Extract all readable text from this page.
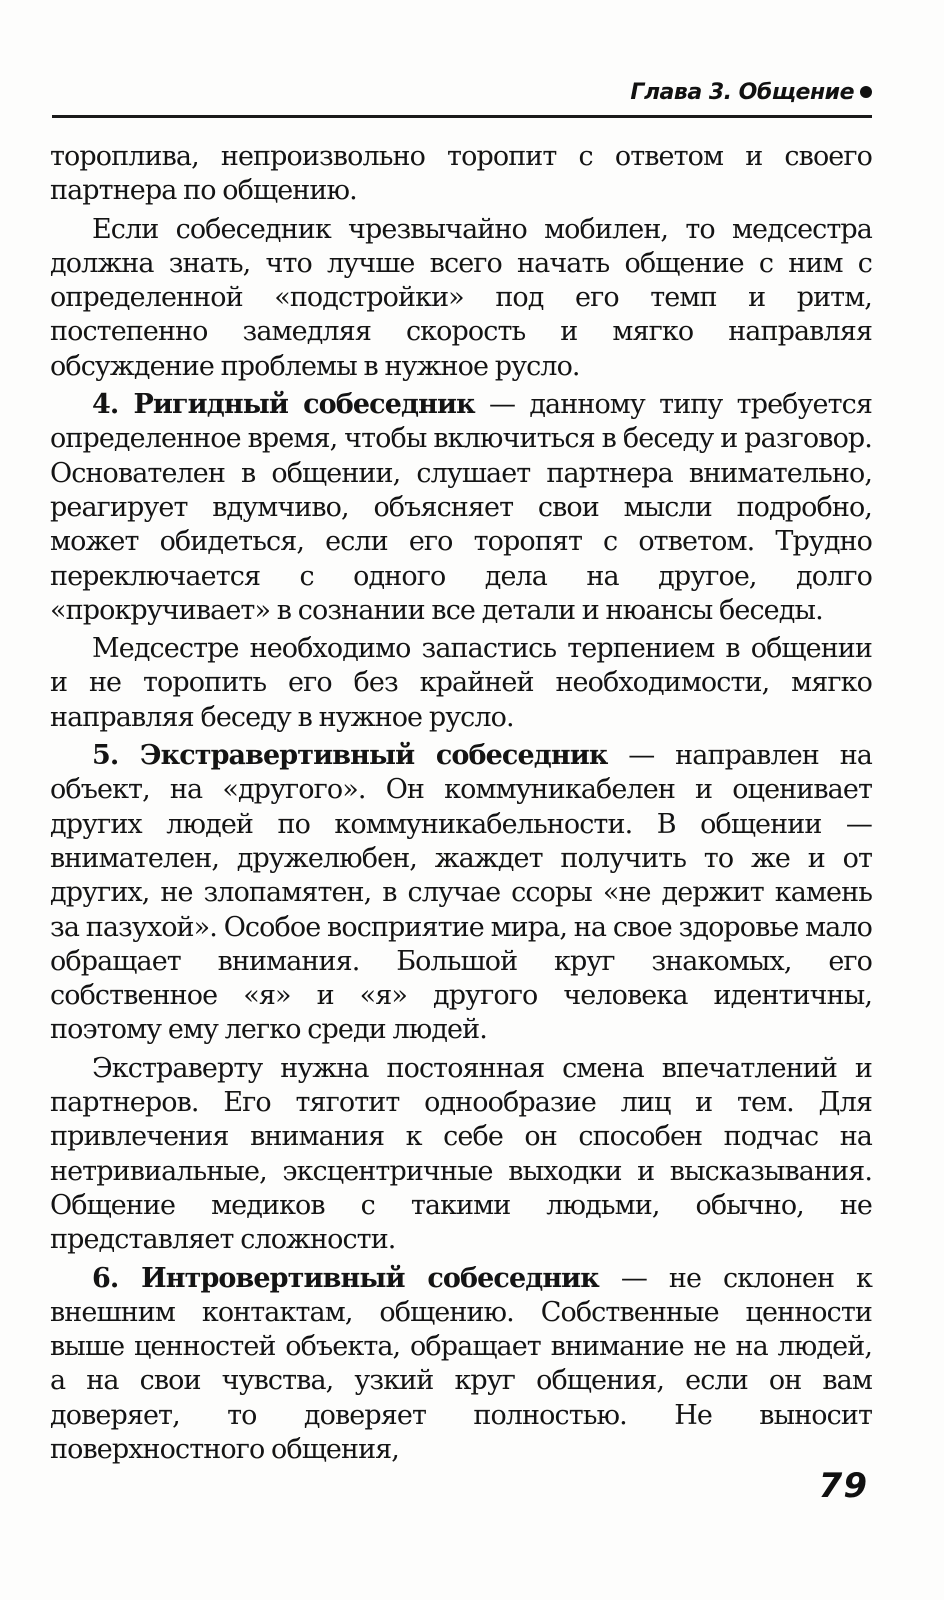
Глава 3. Общение

тороплива, непроизвольно торопит с ответом и своего партнера по общению.

Если собеседник чрезвычайно мобилен, то медсестра должна знать, что лучше всего начать общение с ним с определенной «подстройки» под его темп и ритм, постепенно замедляя скорость и мягко направляя обсуждение проблемы в нужное русло.

4. Ригидный собеседник — данному типу требуется определенное время, чтобы включиться в беседу и разговор. Основателен в общении, слушает партнера внимательно, реагирует вдумчиво, объясняет свои мысли подробно, может обидеться, если его торопят с ответом. Трудно переключается с одного дела на другое, долго «прокручивает» в сознании все детали и нюансы беседы.

Медсестре необходимо запастись терпением в общении и не торопить его без крайней необходимости, мягко направляя беседу в нужное русло.

5. Экстравертивный собеседник — направлен на объект, на «другого». Он коммуникабелен и оценивает других людей по коммуникабельности. В общении — внимателен, дружелюбен, жаждет получить то же и от других, не злопамятен, в случае ссоры «не держит камень за пазухой». Особое восприятие мира, на свое здоровье мало обращает внимания. Большой круг знакомых, его собственное «я» и «я» другого человека идентичны, поэтому ему легко среди людей.

Экстраверту нужна постоянная смена впечатлений и партнеров. Его тяготит однообразие лиц и тем. Для привлечения внимания к себе он способен подчас на нетривиальные, эксцентричные выходки и высказывания. Общение медиков с такими людьми, обычно, не представляет сложности.

6. Интровертивный собеседник — не склонен к внешним контактам, общению. Собственные ценности выше ценностей объекта, обращает внимание не на людей, а на свои чувства, узкий круг общения, если он вам доверяет, то доверяет полностью. Не выносит поверхностного общения,

79
